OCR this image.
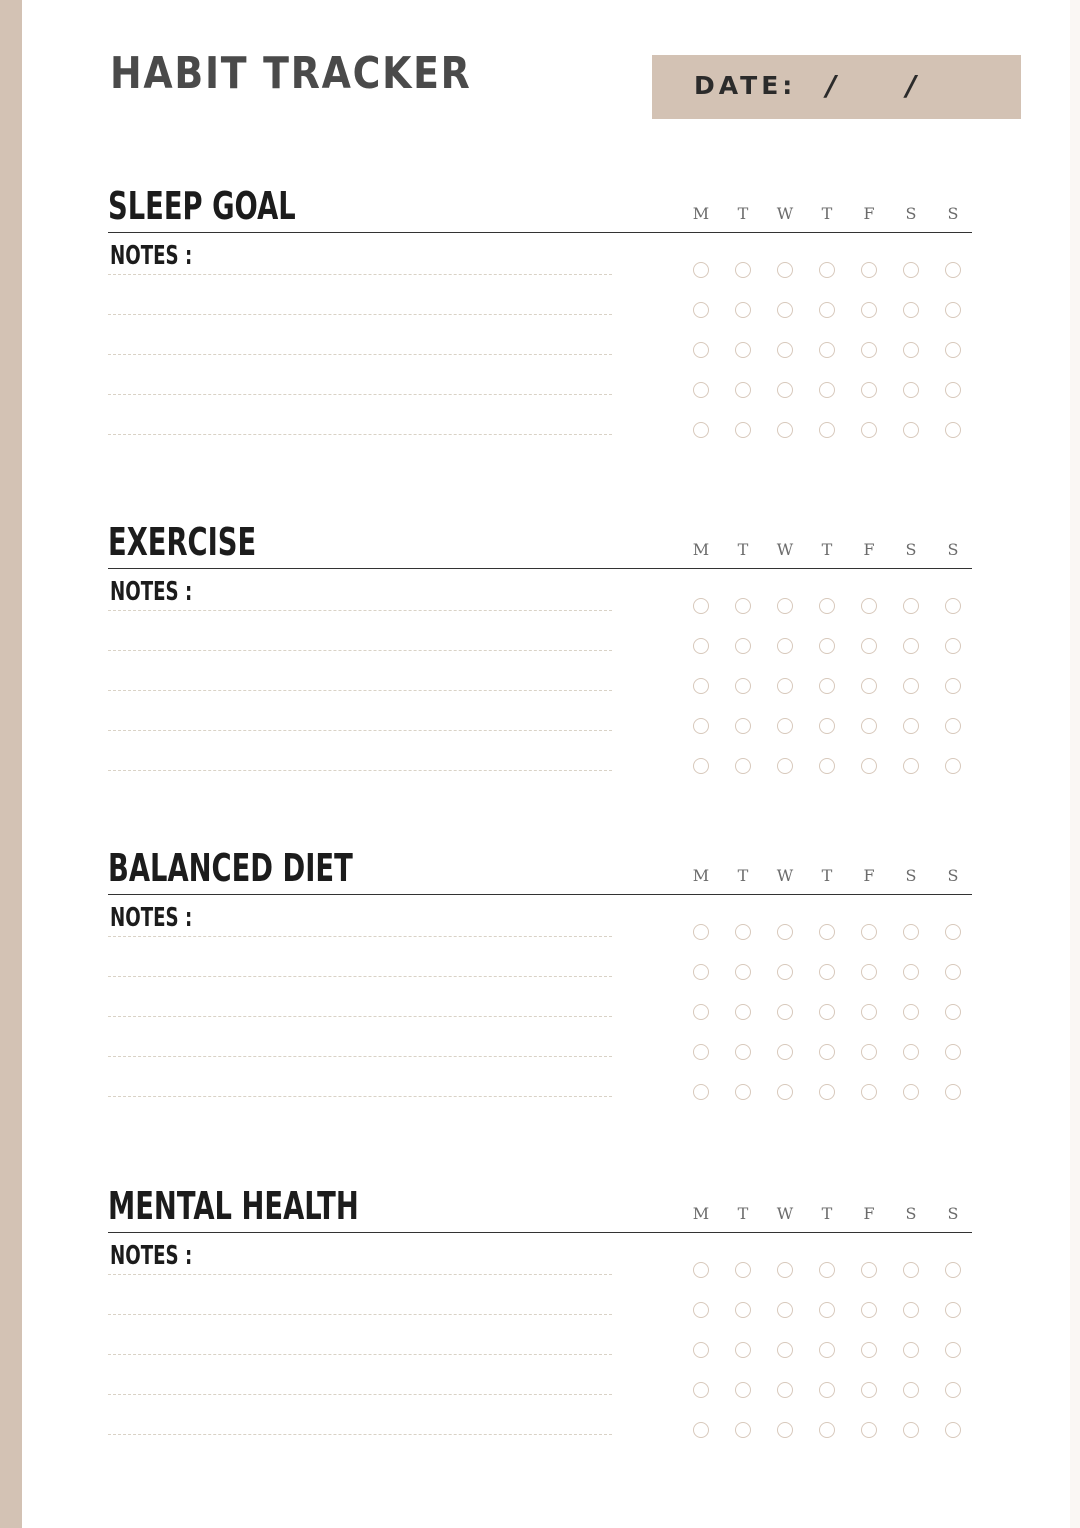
HABIT TRACKER	DATE: / /
SLEEP GOAL	M	T	W	T	F	S	S
NOTES :
EXERCISE	M	T	W	T	F	S	S
NOTES :
BALANCED DIET	M	T	W	T	F	S	S
NOTES :
MENTAL HEALTH	M	T	W	T	F	S	S
NOTES :
